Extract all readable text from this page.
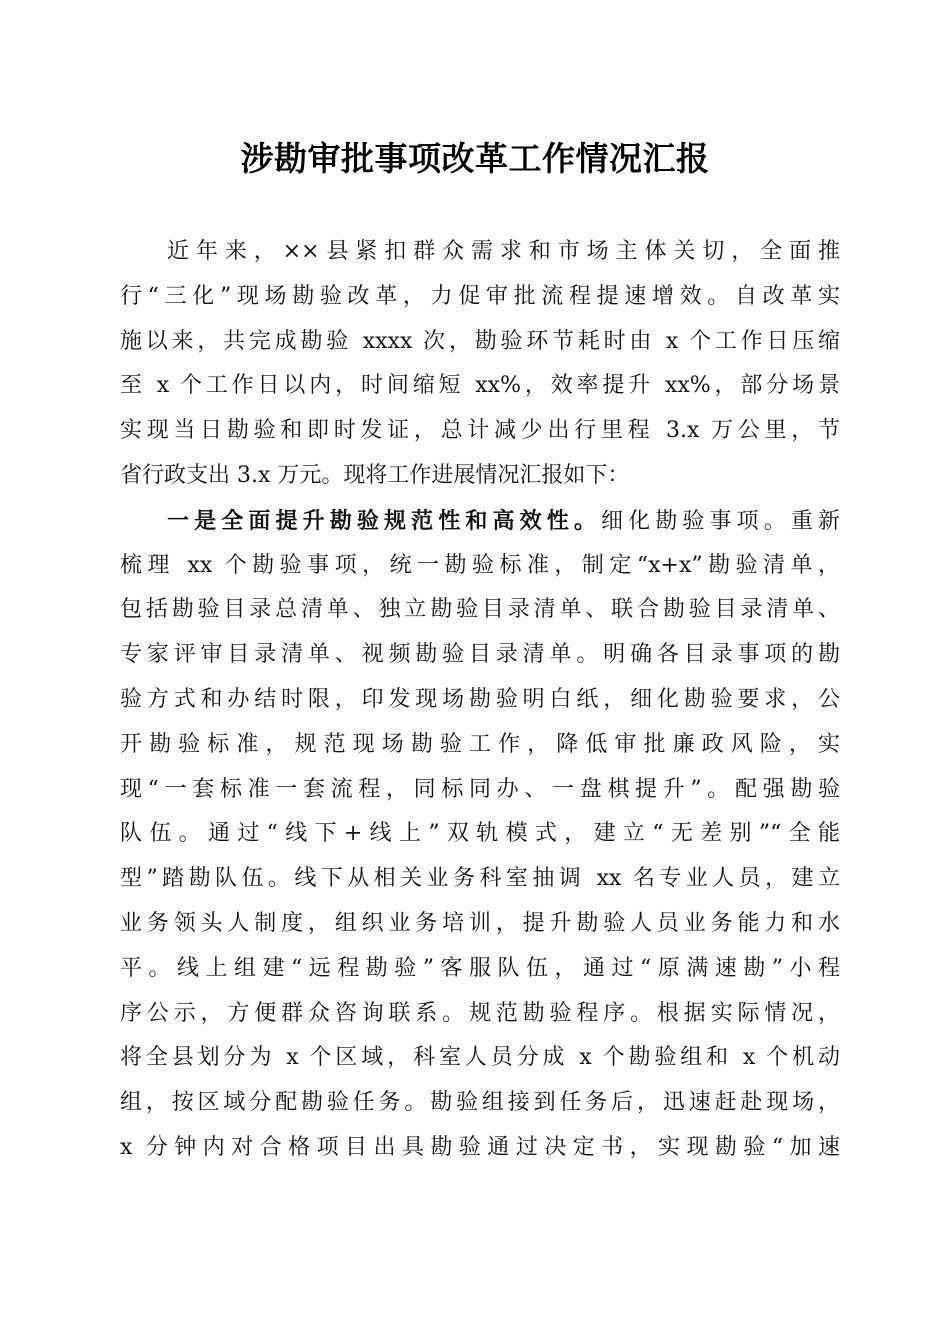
涉勘审批事项改革工作情况汇报
近年来，××县紧扣群众需求和市场主体关切，全面推
行“三化”现场勘验改革，力促审批流程提速增效。自改革实
施以来，共完成勘验 xxxx 次，勘验环节耗时由 x 个工作日压缩
至 x 个工作日以内，时间缩短 xx%，效率提升 xx%，部分场景
实现当日勘验和即时发证，总计减少出行里程 3.x 万公里，节
省行政支出 3.x 万元。现将工作进展情况汇报如下：
一是全面提升勘验规范性和高效性。细化勘验事项。重新
梳理 xx 个勘验事项，统一勘验标准，制定“x+x”勘验清单，
包括勘验目录总清单、独立勘验目录清单、联合勘验目录清单、
专家评审目录清单、视频勘验目录清单。明确各目录事项的勘
验方式和办结时限，印发现场勘验明白纸，细化勘验要求，公
开勘验标准，规范现场勘验工作，降低审批廉政风险，实
现“一套标准一套流程，同标同办、一盘棋提升”。配强勘验
队伍。通过“线下+线上”双轨模式，建立“无差别”“全能
型”踏勘队伍。线下从相关业务科室抽调 xx 名专业人员，建立
业务领头人制度，组织业务培训，提升勘验人员业务能力和水
平。线上组建“远程勘验”客服队伍，通过“原满速勘”小程
序公示，方便群众咨询联系。规范勘验程序。根据实际情况，
将全县划分为 x 个区域，科室人员分成 x 个勘验组和 x 个机动
组，按区域分配勘验任务。勘验组接到任务后，迅速赶赴现场，
x 分钟内对合格项目出具勘验通过决定书，实现勘验“加速
